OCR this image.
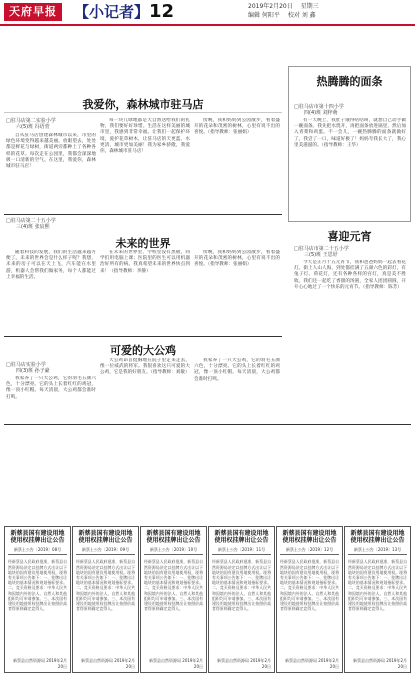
天府早报	【小记者】 12	2019年2月20日 星期三
编辑 何阳平 校对 刘 鑫
我爱你，森林城市驻马店
□驻马店第二实验小学
六(5)班 冯语萱
自从驻马店创建森林城市以来，市里的绿色环境变得越来越美丽。放眼望去，处处都是鲜花与绿树，街道两旁都种上了各种各样的花草。每次走在公园里，我都会深深地吸一口清新的空气。在这里，我爱你，森林城市驻马店！
每一块儿绿地都是大自然送给我们的礼物，我们要好好珍惜。生活在这样美丽的城市里，我感到非常幸福。让我们一起保护环境，爱护花草树木，让驻马店的天更蓝、水更清、城市更加美丽！我为家乡骄傲，我爱你，森林城市驻马店！
傍晚，我和妈妈到公园散步，看着盛开的花朵和茂密的树林，心里有说不出的喜悦。（指导教师：张丽娟）
未来的世界
□驻马店第二十五小学
三(4)班 张宸熙
随着科技的发展，我们的生活越来越方便了。未来的世界会是什么样子呢？我想，未来的房子可以在天上飞，汽车能在水里游，机器人会帮我们做家务，每个人都能过上幸福的生活。
在未来的世界里，学校里没有黑板，同学们用电脑上课；医院里的医生可以用机器治好所有的病。我真希望未来的世界快点到来！（指导教师：李静）
傍晚，我和妈妈到公园散步，看着盛开的花朵和茂密的树林，心里有说不出的喜悦。（指导教师：张丽娟）
可爱的大公鸡
□驻马店实验小学
四(3)班 孙子豪
我家养了一只大公鸡，它的羽毛五颜六色，十分漂亮。它的头上长着红红的鸡冠，像一顶小红帽。每天清晨，大公鸡都会准时打鸣。
大公鸡昂首挺胸地在院子里走来走去，像一位威武的将军。我很喜欢这只可爱的大公鸡，它是我的好朋友。（指导教师：刘敏）
我家养了一只大公鸡，它的羽毛五颜六色，十分漂亮。它的头上长着红红的鸡冠，像一顶小红帽。每天清晨，大公鸡都会准时打鸣。
热腾腾的面条
□驻马店市第十四小学
四(4)班 刘梓萌
有一天晚上，我肚子饿得咕咕叫，就想自己动手做一碗面条。我先把水烧开，再把面条放进锅里，然后加入青菜和鸡蛋。不一会儿，一碗热腾腾的面条就做好了。我尝了一口，味道好极了！妈妈夸我长大了，我心里美滋滋的。（指导教师：王华）
喜迎元宵
□驻马店市第二十五小学
三(5)班 王思妤
今天是正月十五元宵节，我和爸爸妈妈一起去看花灯。街上人山人海，到处都挂满了五颜六色的彩灯，有兔子灯、荷花灯，还有各种各样的宫灯，真是美不胜收。我们还一起吃了香甜的汤圆，全家人团团圆圆，开开心心地过了一个快乐的元宵节。（指导教师：陈芳）
新蔡县国有建设用地使用权挂牌出让公告
新蔡土公告〔2019〕08号
经新蔡县人民政府批准，新蔡县自然资源局决定以挂牌方式出让以下地块的国有建设用地使用权。现将有关事项公告如下：一、挂牌出让地块的基本情况和规划指标要求。二、竞买资格及要求：中华人民共和国境内外的法人、自然人和其他组织均可申请参加。三、本次国有建设用地使用权挂牌出让按照价高者得原则确定竞得人。
新蔡县自然资源局 2019年2月20日
新蔡县国有建设用地使用权挂牌出让公告
新蔡土公告〔2019〕09号
经新蔡县人民政府批准，新蔡县自然资源局决定以挂牌方式出让以下地块的国有建设用地使用权。现将有关事项公告如下：一、挂牌出让地块的基本情况和规划指标要求。二、竞买资格及要求：中华人民共和国境内外的法人、自然人和其他组织均可申请参加。三、本次国有建设用地使用权挂牌出让按照价高者得原则确定竞得人。
新蔡县自然资源局 2019年2月20日
新蔡县国有建设用地使用权挂牌出让公告
新蔡土公告〔2019〕10号
经新蔡县人民政府批准，新蔡县自然资源局决定以挂牌方式出让以下地块的国有建设用地使用权。现将有关事项公告如下：一、挂牌出让地块的基本情况和规划指标要求。二、竞买资格及要求：中华人民共和国境内外的法人、自然人和其他组织均可申请参加。三、本次国有建设用地使用权挂牌出让按照价高者得原则确定竞得人。
新蔡县自然资源局 2019年2月20日
新蔡县国有建设用地使用权挂牌出让公告
新蔡土公告〔2019〕11号
经新蔡县人民政府批准，新蔡县自然资源局决定以挂牌方式出让以下地块的国有建设用地使用权。现将有关事项公告如下：一、挂牌出让地块的基本情况和规划指标要求。二、竞买资格及要求：中华人民共和国境内外的法人、自然人和其他组织均可申请参加。三、本次国有建设用地使用权挂牌出让按照价高者得原则确定竞得人。
新蔡县自然资源局 2019年2月20日
新蔡县国有建设用地使用权挂牌出让公告
新蔡土公告〔2019〕12号
经新蔡县人民政府批准，新蔡县自然资源局决定以挂牌方式出让以下地块的国有建设用地使用权。现将有关事项公告如下：一、挂牌出让地块的基本情况和规划指标要求。二、竞买资格及要求：中华人民共和国境内外的法人、自然人和其他组织均可申请参加。三、本次国有建设用地使用权挂牌出让按照价高者得原则确定竞得人。
新蔡县自然资源局 2019年2月20日
新蔡县国有建设用地使用权挂牌出让公告
新蔡土公告〔2019〕13号
经新蔡县人民政府批准，新蔡县自然资源局决定以挂牌方式出让以下地块的国有建设用地使用权。现将有关事项公告如下：一、挂牌出让地块的基本情况和规划指标要求。二、竞买资格及要求：中华人民共和国境内外的法人、自然人和其他组织均可申请参加。三、本次国有建设用地使用权挂牌出让按照价高者得原则确定竞得人。
新蔡县自然资源局 2019年2月20日
